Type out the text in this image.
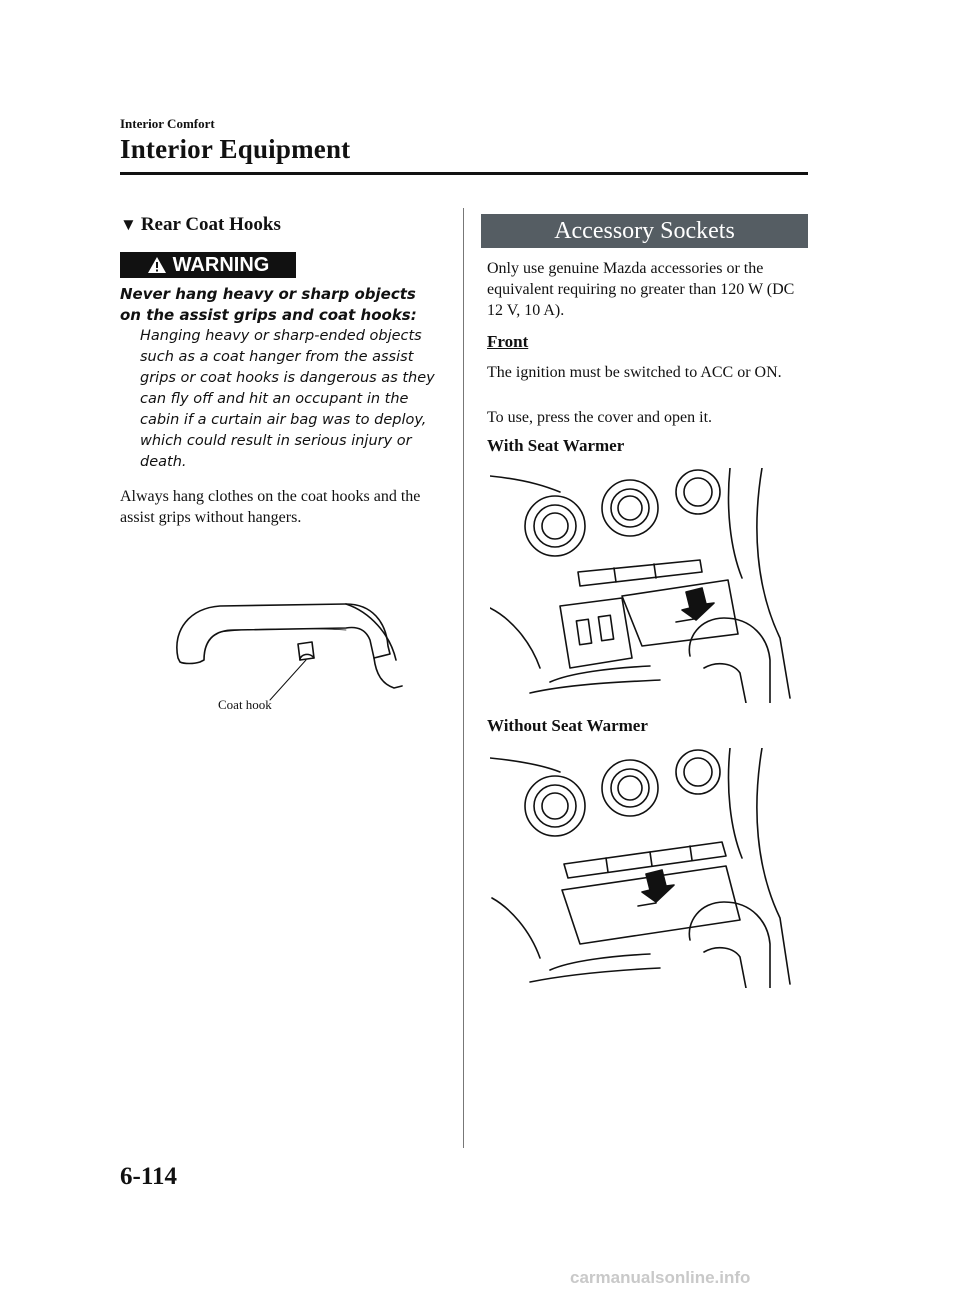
Interior Comfort
Interior Equipment
▼ Rear Coat Hooks
WARNING
Never hang heavy or sharp objects on the assist grips and coat hooks:
Hanging heavy or sharp-ended objects such as a coat hanger from the assist grips or coat hooks is dangerous as they can fly off and hit an occupant in the cabin if a curtain air bag was to deploy, which could result in serious injury or death.
Always hang clothes on the coat hooks and the assist grips without hangers.
Coat hook
Accessory Sockets
Only use genuine Mazda accessories or the equivalent requiring no greater than 120 W (DC 12 V, 10 A).
Front
The ignition must be switched to ACC or ON.
To use, press the cover and open it.
With Seat Warmer
Without Seat Warmer
6-114
carmanualsonline.info
